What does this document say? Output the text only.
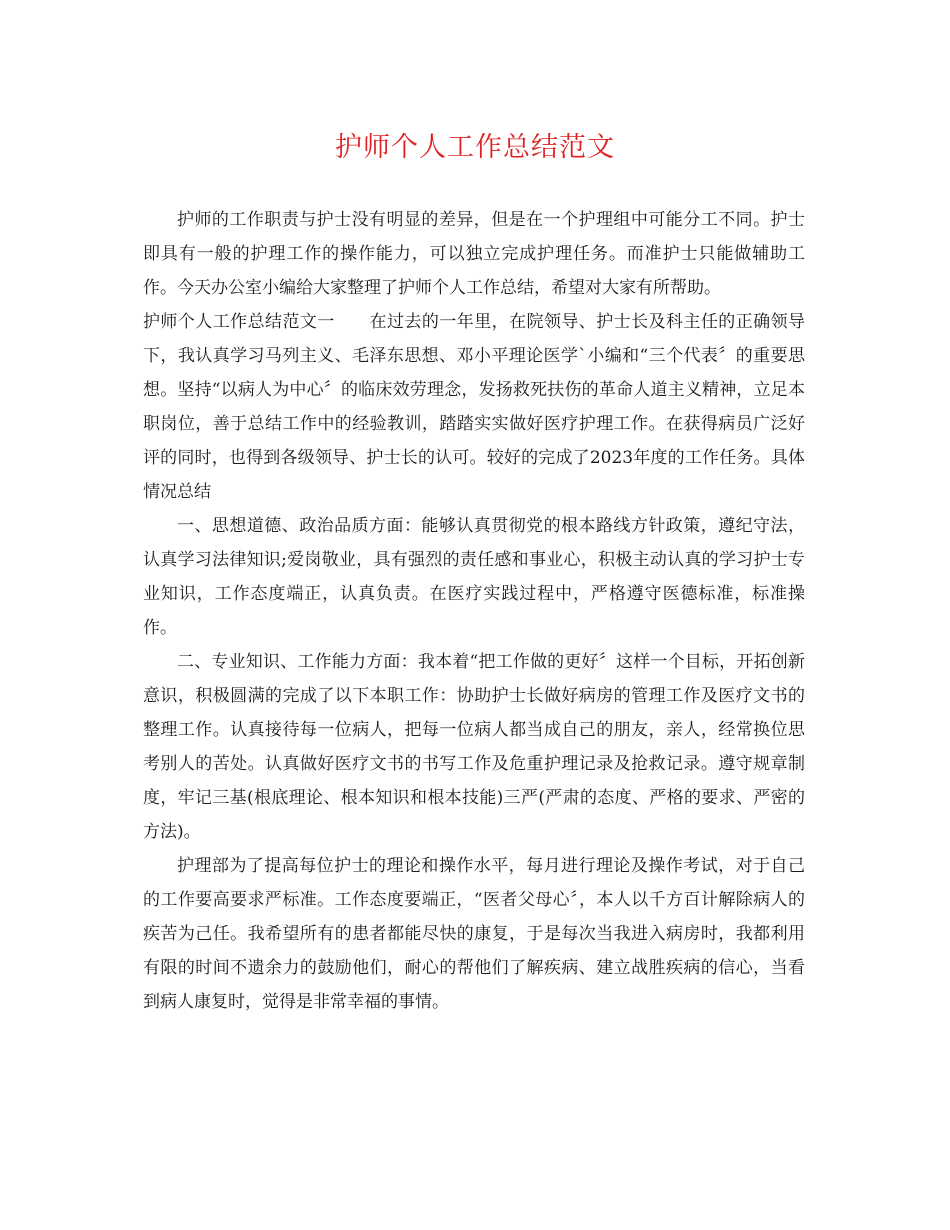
护师个人工作总结范文

护师的工作职责与护士没有明显的差异，但是在一个护理组中可能分工不同。护士即具有一般的护理工作的操作能力，可以独立完成护理任务。而准护士只能做辅助工作。今天办公室小编给大家整理了护师个人工作总结，希望对大家有所帮助。

护师个人工作总结范文一　　在过去的一年里，在院领导、护士长及科主任的正确领导下，我认真学习马列主义、毛泽东思想、邓小平理论医学`小编和“三个代表〞的重要思想。坚持“以病人为中心〞的临床效劳理念，发扬救死扶伤的革命人道主义精神，立足本职岗位，善于总结工作中的经验教训，踏踏实实做好医疗护理工作。在获得病员广泛好评的同时，也得到各级领导、护士长的认可。较好的完成了2023年度的工作任务。具体情况总结

一、思想道德、政治品质方面：能够认真贯彻党的根本路线方针政策，遵纪守法，认真学习法律知识;爱岗敬业，具有强烈的责任感和事业心，积极主动认真的学习护士专业知识，工作态度端正，认真负责。在医疗实践过程中，严格遵守医德标准，标准操作。

二、专业知识、工作能力方面：我本着“把工作做的更好〞这样一个目标，开拓创新意识，积极圆满的完成了以下本职工作：协助护士长做好病房的管理工作及医疗文书的整理工作。认真接待每一位病人，把每一位病人都当成自己的朋友，亲人，经常换位思考别人的苦处。认真做好医疗文书的书写工作及危重护理记录及抢救记录。遵守规章制度，牢记三基(根底理论、根本知识和根本技能)三严(严肃的态度、严格的要求、严密的方法)。

护理部为了提高每位护士的理论和操作水平，每月进行理论及操作考试，对于自己的工作要高要求严标准。工作态度要端正，“医者父母心〞，本人以千方百计解除病人的疾苦为己任。我希望所有的患者都能尽快的康复，于是每次当我进入病房时，我都利用有限的时间不遗余力的鼓励他们，耐心的帮他们了解疾病、建立战胜疾病的信心，当看到病人康复时，觉得是非常幸福的事情。
